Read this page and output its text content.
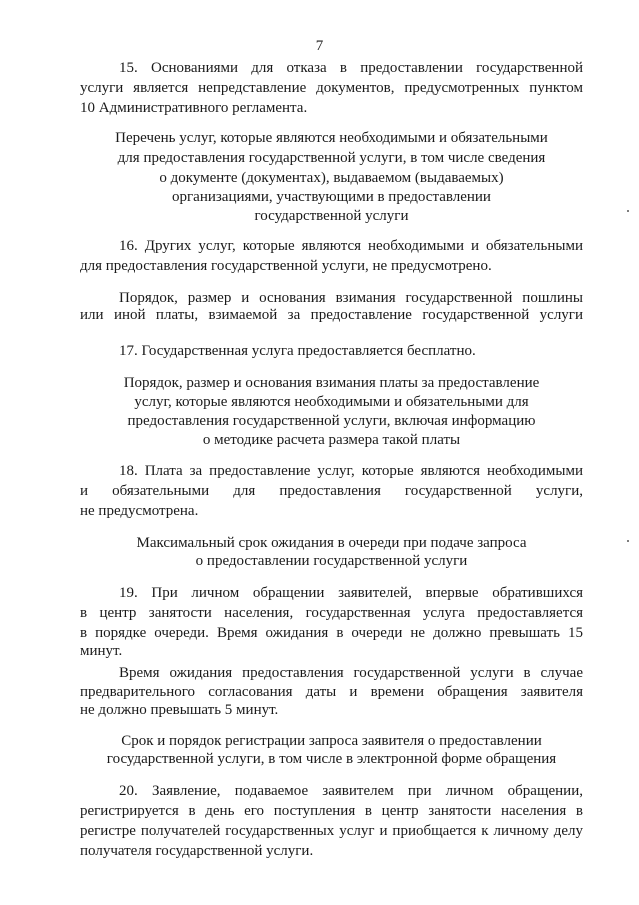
7
15. Основаниями для отказа в предоставлении государственной
услуги является непредставление документов, предусмотренных пунктом
10 Административного регламента.
Перечень услуг, которые являются необходимыми и обязательными
для предоставления государственной услуги, в том числе сведения
о документе (документах), выдаваемом (выдаваемых)
организациями, участвующими в предоставлении
государственной услуги
16. Других услуг, которые являются необходимыми и обязательными
для предоставления государственной услуги, не предусмотрено.
Порядок, размер и основания взимания государственной пошлины
или иной платы, взимаемой за предоставление государственной услуги
17. Государственная услуга предоставляется бесплатно.
Порядок, размер и основания взимания платы за предоставление
услуг, которые являются необходимыми и обязательными для
предоставления государственной услуги, включая информацию
о методике расчета размера такой платы
18. Плата за предоставление услуг, которые являются необходимыми
и обязательными для предоставления государственной услуги,
не предусмотрена.
Максимальный срок ожидания в очереди при подаче запроса
о предоставлении государственной услуги
19. При личном обращении заявителей, впервые обратившихся
в центр занятости населения, государственная услуга предоставляется
в порядке очереди. Время ожидания в очереди не должно превышать 15
минут.
Время ожидания предоставления государственной услуги в случае
предварительного согласования даты и времени обращения заявителя
не должно превышать 5 минут.
Срок и порядок регистрации запроса заявителя о предоставлении
государственной услуги, в том числе в электронной форме обращения
20. Заявление, подаваемое заявителем при личном обращении,
регистрируется в день его поступления в центр занятости населения в
регистре получателей государственных услуг и приобщается к личному делу
получателя государственной услуги.
